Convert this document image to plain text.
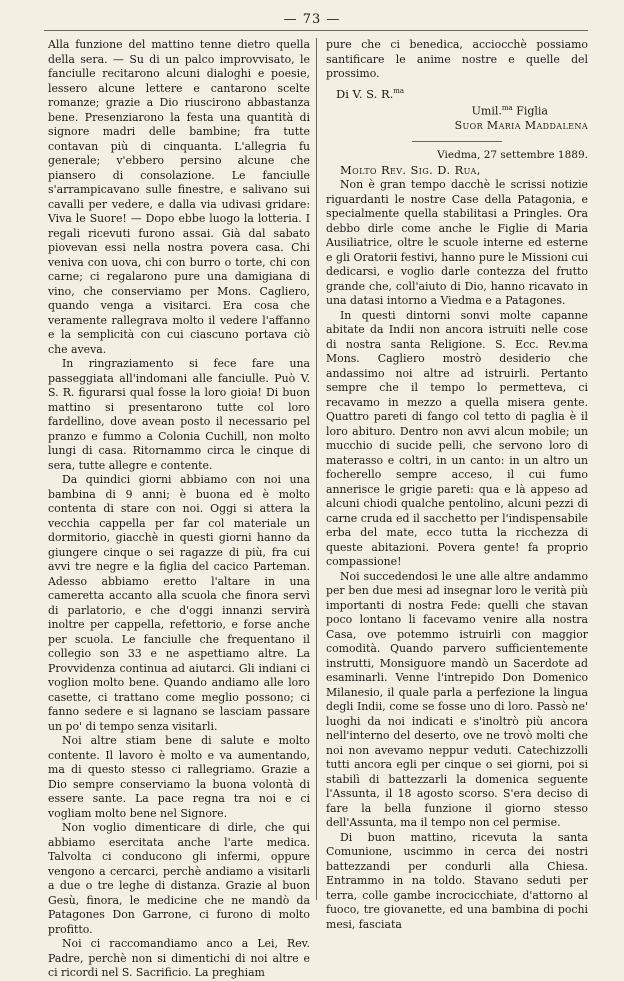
— 73 —

Alla funzione del mattino tenne dietro quella della sera. — Su di un palco improvvisato, le fanciulle recitarono alcuni dialoghi e poesie, lessero alcune lettere e cantarono scelte romanze; grazie a Dio riuscirono abbastanza bene. Presenziarono la festa una quantità di signore madri delle bambine; fra tutte contavan più di cinquanta. L'allegria fu generale; v'ebbero persino alcune che piansero di consolazione. Le fanciulle s'arrampicavano sulle finestre, e salivano sui cavalli per vedere, e dalla via udivasi gridare: Viva le Suore! — Dopo ebbe luogo la lotteria. I regali ricevuti furono assai. Già dal sabato piovevan essi nella nostra povera casa. Chi veniva con uova, chi con burro o torte, chi con carne; ci regalarono pure una damigiana di vino, che conserviamo per Mons. Cagliero, quando venga a visitarci. Era cosa che veramente rallegrava molto il vedere l'affanno e la semplicità con cui ciascuno portava ciò che aveva.

In ringraziamento si fece fare una passeggiata all'indomani alle fanciulle. Può V. S. R. figurarsi qual fosse la loro gioia! Di buon mattino si presentarono tutte col loro fardellino, dove avean posto il necessario pel pranzo e fummo a Colonia Cuchill, non molto lungi di casa. Ritornammo circa le cinque di sera, tutte allegre e contente.

Da quindici giorni abbiamo con noi una bambina di 9 anni; è buona ed è molto contenta di stare con noi. Oggi si attera la vecchia cappella per far col materiale un dormitorio, giacchè in questi giorni hanno da giungere cinque o sei ragazze di più, fra cui avvi tre negre e la figlia del cacico Parteman. Adesso abbiamo eretto l'altare in una cameretta accanto alla scuola che finora servì di parlatorio, e che d'oggi innanzi servirà inoltre per cappella, refettorio, e forse anche per scuola. Le fanciulle che frequentano il collegio son 33 e ne aspettiamo altre. La Provvidenza continua ad aiutarci. Gli indiani ci voglion molto bene. Quando andiamo alle loro casette, ci trattano come meglio possono; ci fanno sedere e si lagnano se lasciam passare un po' di tempo senza visitarli.

Noi altre stiam bene di salute e molto contente. Il lavoro è molto e va aumentando, ma di questo stesso ci rallegriamo. Grazie a Dio sempre conserviamo la buona volontà di essere sante. La pace regna tra noi e ci vogliam molto bene nel Signore.

Non voglio dimenticare di dirle, che qui abbiamo esercitata anche l'arte medica. Talvolta ci conducono gli infermi, oppure vengono a cercarci, perchè andiamo a visitarli a due o tre leghe di distanza. Grazie al buon Gesù, finora, le medicine che ne mandò da Patagones Don Garrone, ci furono di molto profitto.

Noi ci raccomandiamo anco a Lei, Rev. Padre, perchè non si dimentichi di noi altre e ci ricordi nel S. Sacrificio. La preghiam

pure che ci benedica, acciocchè possiamo santificare le anime nostre e quelle del prossimo.

Di V. S. R.$^{ma}$

Umil.$^{ma}$ Figlia

Suor Maria Maddalena

Viedma, 27 settembre 1889.

Molto Rev. Sig. D. Rua,

Non è gran tempo dacchè le scrissi notizie riguardanti le nostre Case della Patagonia, e specialmente quella stabilitasi a Pringles. Ora debbo dirle come anche le Figlie di Maria Ausiliatrice, oltre le scuole interne ed esterne e gli Oratorii festivi, hanno pure le Missioni cui dedicarsi, e voglio darle contezza del frutto grande che, coll'aiuto di Dio, hanno ricavato in una datasi intorno a Viedma e a Patagones.

In questi dintorni sonvi molte capanne abitate da Indii non ancora istruiti nelle cose di nostra santa Religione. S. Ecc. Rev.ma Mons. Cagliero mostrò desiderio che andassimo noi altre ad istruirli. Pertanto sempre che il tempo lo permetteva, ci recavamo in mezzo a quella misera gente. Quattro pareti di fango col tetto di paglia è il loro abituro. Dentro non avvi alcun mobile; un mucchio di sucide pelli, che servono loro di materasso e coltri, in un canto: in un altro un focherello sempre acceso, il cui fumo annerisce le grigie pareti: qua e là appeso ad alcuni chiodi qualche pentolino, alcuni pezzi di carne cruda ed il sacchetto per l'indispensabile erba del mate, ecco tutta la ricchezza di queste abitazioni. Povera gente! fa proprio compassione!

Noi succedendosi le une alle altre andammo per ben due mesi ad insegnar loro le verità più importanti di nostra Fede: quelli che stavan poco lontano li facevamo venire alla nostra Casa, ove potemmo istruirli con maggior comodità. Quando parvero sufficientemente instrutti, Monsiguore mandò un Sacerdote ad esaminarli. Venne l'intrepido Don Domenico Milanesio, il quale parla a perfezione la lingua degli Indii, come se fosse uno di loro. Passò ne' luoghi da noi indicati e s'inoltrò più ancora nell'interno del deserto, ove ne trovò molti che noi non avevamo neppur veduti. Catechizzolli tutti ancora egli per cinque o sei giorni, poi si stabilì di battezzarli la domenica seguente l'Assunta, il 18 agosto scorso. S'era deciso di fare la bella funzione il giorno stesso dell'Assunta, ma il tempo non cel permise.

Di buon mattino, ricevuta la santa Comunione, uscimmo in cerca dei nostri battezzandi per condurli alla Chiesa. Entrammo in na toldo. Stavano seduti per terra, colle gambe incrocicchiate, d'attorno al fuoco, tre giovanette, ed una bambina di pochi mesi, fasciata
